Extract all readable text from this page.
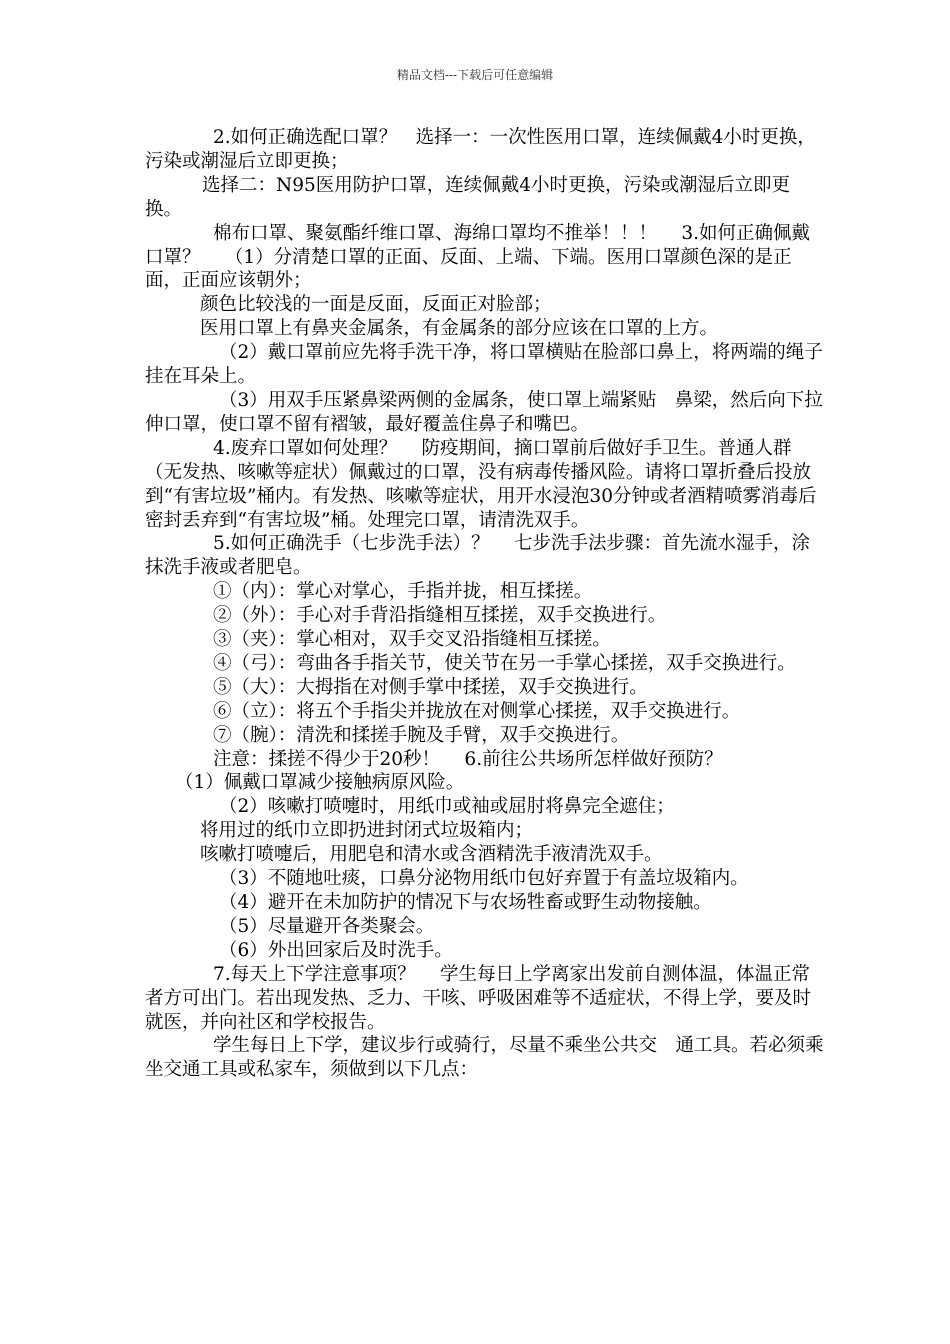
精品文档---下载后可任意编辑

2.如何正确选配口罩？　选择一：一次性医用口罩，连续佩戴4小时更换，污染或潮湿后立即更换；

选择二：N95医用防护口罩，连续佩戴4小时更换，污染或潮湿后立即更换。

棉布口罩、聚氨酯纤维口罩、海绵口罩均不推举！！！　 3.如何正确佩戴口罩？　 （1）分清楚口罩的正面、反面、上端、下端。医用口罩颜色深的是正面，正面应该朝外；

颜色比较浅的一面是反面，反面正对脸部；

医用口罩上有鼻夹金属条，有金属条的部分应该在口罩的上方。

（2）戴口罩前应先将手洗干净，将口罩横贴在脸部口鼻上，将两端的绳子挂在耳朵上。

（3）用双手压紧鼻梁两侧的金属条，使口罩上端紧贴　鼻梁，然后向下拉伸口罩，使口罩不留有褶皱，最好覆盖住鼻子和嘴巴。

4.废弃口罩如何处理？　 防疫期间，摘口罩前后做好手卫生。普通人群（无发热、咳嗽等症状）佩戴过的口罩，没有病毒传播风险。请将口罩折叠后投放到“有害垃圾”桶内。有发热、咳嗽等症状，用开水浸泡30分钟或者酒精喷雾消毒后密封丢弃到“有害垃圾”桶。处理完口罩，请清洗双手。

5.如何正确洗手（七步洗手法）？　 七步洗手法步骤：首先流水湿手，涂抹洗手液或者肥皂。

①（内）：掌心对掌心，手指并拢，相互揉搓。

②（外）：手心对手背沿指缝相互揉搓，双手交换进行。

③（夹）：掌心相对，双手交叉沿指缝相互揉搓。

④（弓）：弯曲各手指关节，使关节在另一手掌心揉搓，双手交换进行。

⑤（大）：大拇指在对侧手掌中揉搓，双手交换进行。

⑥（立）：将五个手指尖并拢放在对侧掌心揉搓，双手交换进行。

⑦（腕）：清洗和揉搓手腕及手臂，双手交换进行。

注意：揉搓不得少于20秒！　 6.前往公共场所怎样做好预防？

（1）佩戴口罩减少接触病原风险。

（2）咳嗽打喷嚏时，用纸巾或袖或屈肘将鼻完全遮住；

将用过的纸巾立即扔进封闭式垃圾箱内；

咳嗽打喷嚏后，用肥皂和清水或含酒精洗手液清洗双手。

（3）不随地吐痰，口鼻分泌物用纸巾包好弃置于有盖垃圾箱内。

（4）避开在未加防护的情况下与农场牲畜或野生动物接触。

（5）尽量避开各类聚会。

（6）外出回家后及时洗手。

7.每天上下学注意事项？　 学生每日上学离家出发前自测体温，体温正常者方可出门。若出现发热、乏力、干咳、呼吸困难等不适症状，不得上学，要及时就医，并向社区和学校报告。

学生每日上下学，建议步行或骑行，尽量不乘坐公共交　通工具。若必须乘坐交通工具或私家车，须做到以下几点：
